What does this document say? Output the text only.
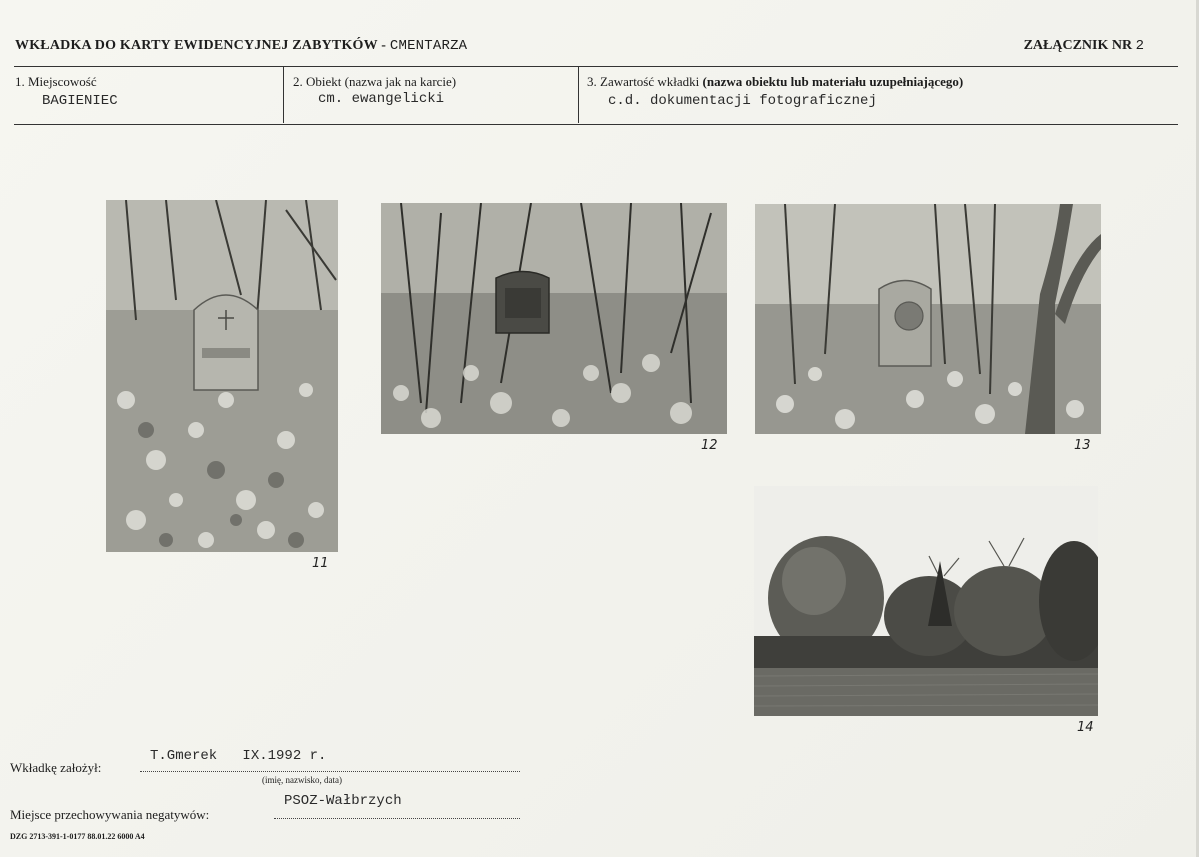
WKŁADKA DO KARTY EWIDENCYJNEJ ZABYTKÓW - CMENTARZA	ZAŁĄCZNIK NR 2
1. Miejscowość
BAGIENIEC
2. Obiekt (nazwa jak na karcie)
cm. ewangelicki
3. Zawartość wkładki (nazwa obiektu lub materiału uzupełniającego)
c.d. dokumentacji fotograficznej
11
12	13
14
Wkładkę założył:
T.Gmerek   IX.1992 r.
(imię, nazwisko, data)
Miejsce przechowywania negatywów:
PSOZ-Wałbrzych
DZG 2713-391-1-0177 88.01.22 6000 A4
